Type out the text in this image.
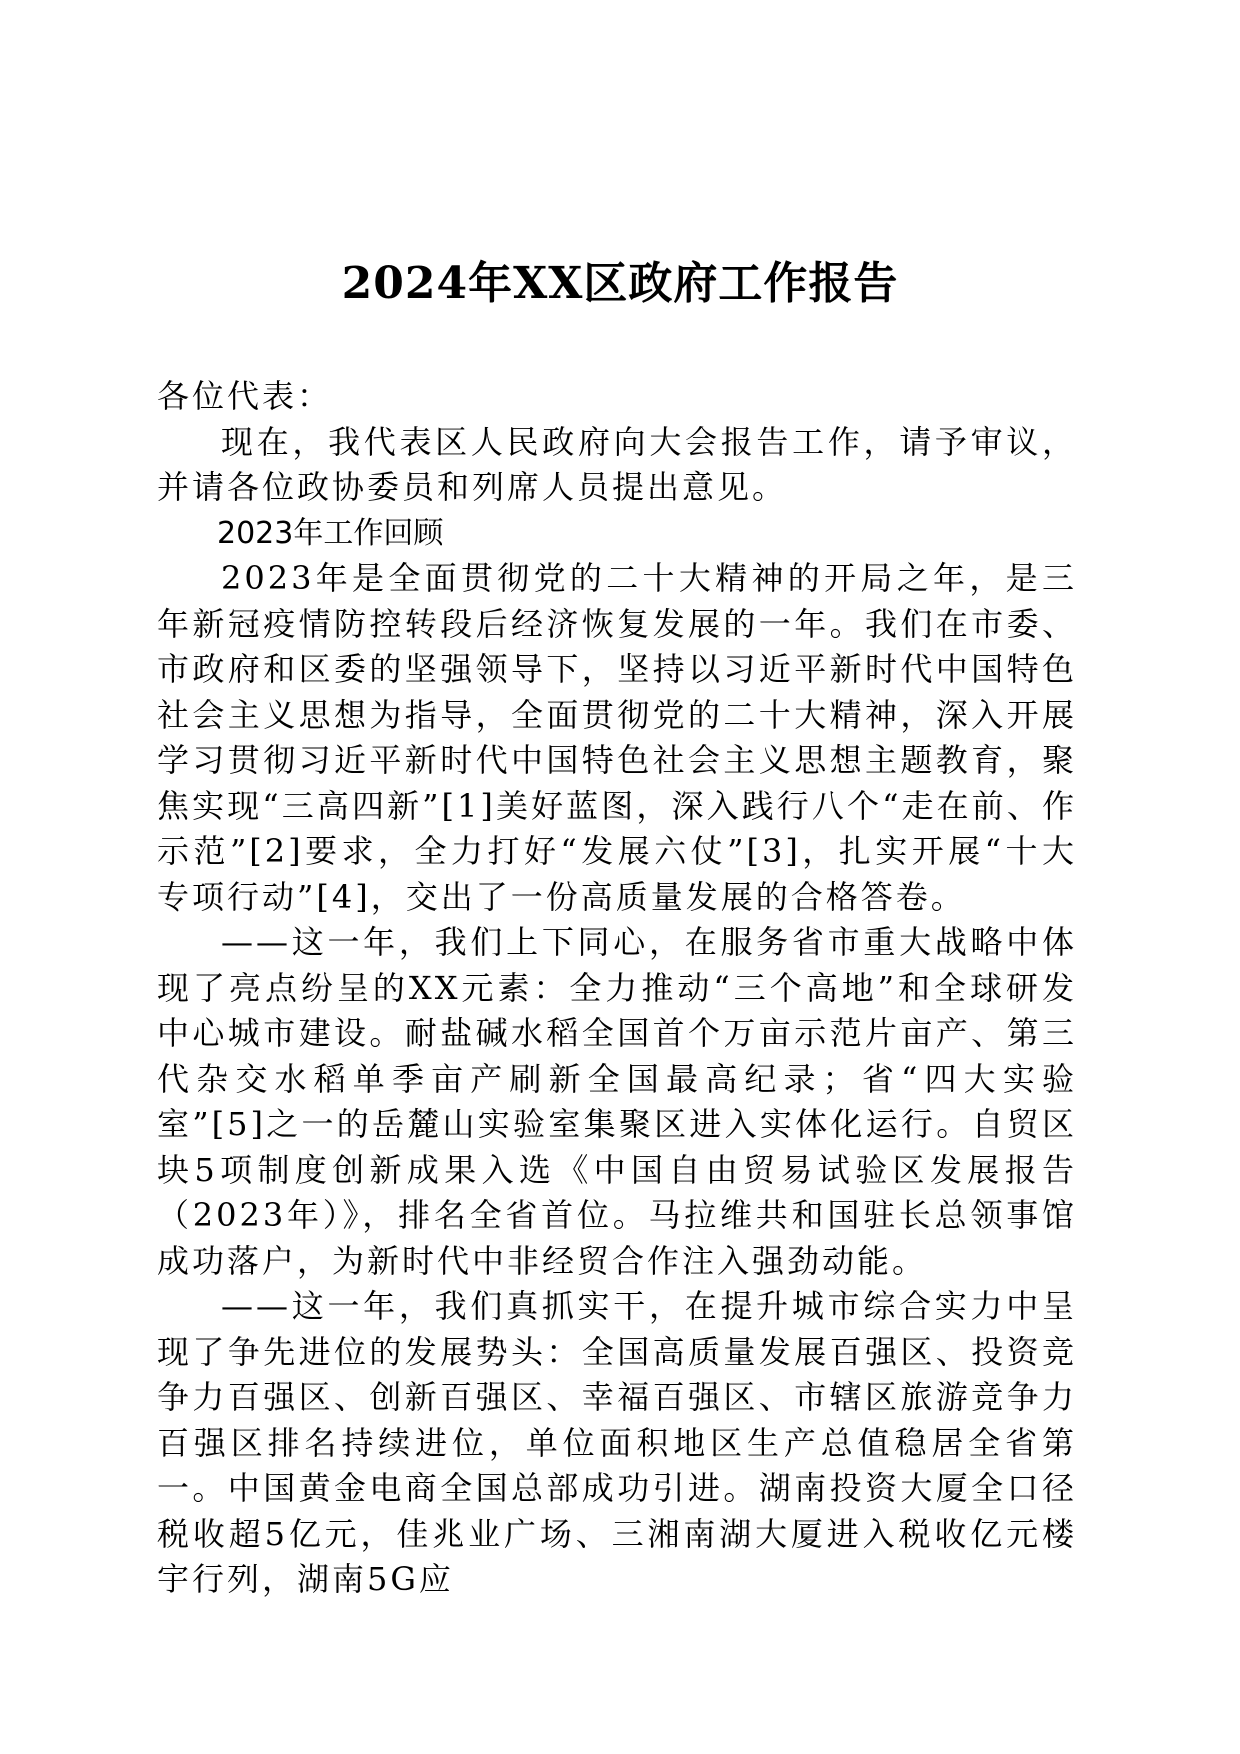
2024年XX区政府工作报告

各位代表：

现在，我代表区人民政府向大会报告工作，请予审议，并请各位政协委员和列席人员提出意见。

2023年工作回顾

2023年是全面贯彻党的二十大精神的开局之年，是三年新冠疫情防控转段后经济恢复发展的一年。我们在市委、市政府和区委的坚强领导下，坚持以习近平新时代中国特色社会主义思想为指导，全面贯彻党的二十大精神，深入开展学习贯彻习近平新时代中国特色社会主义思想主题教育，聚焦实现“三高四新”[1]美好蓝图，深入践行八个“走在前、作示范”[2]要求，全力打好“发展六仗”[3]，扎实开展“十大专项行动”[4]，交出了一份高质量发展的合格答卷。

——这一年，我们上下同心，在服务省市重大战略中体现了亮点纷呈的XX元素：全力推动“三个高地”和全球研发中心城市建设。耐盐碱水稻全国首个万亩示范片亩产、第三代杂交水稻单季亩产刷新全国最高纪录；省“四大实验室”[5]之一的岳麓山实验室集聚区进入实体化运行。自贸区块5项制度创新成果入选《中国自由贸易试验区发展报告（2023年）》，排名全省首位。马拉维共和国驻长总领事馆成功落户，为新时代中非经贸合作注入强劲动能。

——这一年，我们真抓实干，在提升城市综合实力中呈现了争先进位的发展势头：全国高质量发展百强区、投资竞争力百强区、创新百强区、幸福百强区、市辖区旅游竞争力百强区排名持续进位，单位面积地区生产总值稳居全省第一。中国黄金电商全国总部成功引进。湖南投资大厦全口径税收超5亿元，佳兆业广场、三湘南湖大厦进入税收亿元楼宇行列，湖南5G应
